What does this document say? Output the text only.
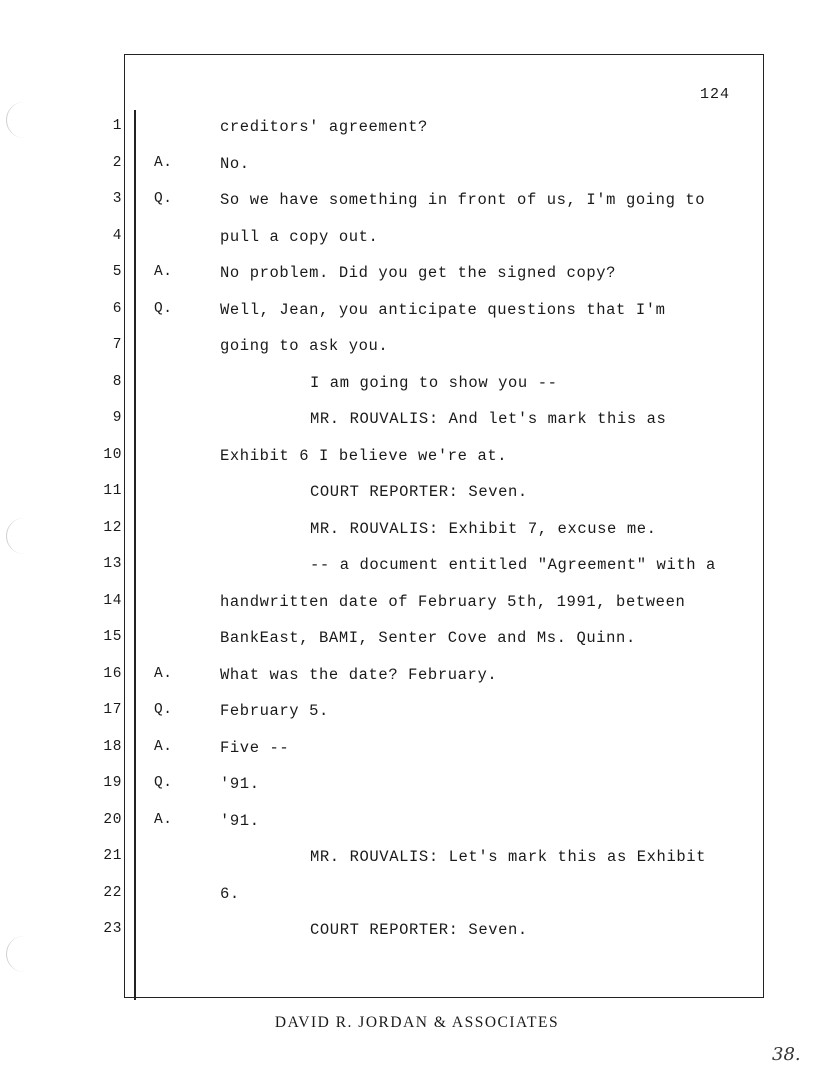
124
1	creditors' agreement?
2 A.	No.
3 Q.	So we have something in front of us, I'm going to
4	pull a copy out.
5 A.	No problem. Did you get the signed copy?
6 Q.	Well, Jean, you anticipate questions that I'm
7	going to ask you.
8	I am going to show you --
9	MR. ROUVALIS: And let's mark this as
10	Exhibit 6 I believe we're at.
11	COURT REPORTER: Seven.
12	MR. ROUVALIS: Exhibit 7, excuse me.
13	-- a document entitled "Agreement" with a
14	handwritten date of February 5th, 1991, between
15	BankEast, BAMI, Senter Cove and Ms. Quinn.
16 A.	What was the date? February.
17 Q.	February 5.
18 A.	Five --
19 Q.	'91.
20 A.	'91.
21	MR. ROUVALIS: Let's mark this as Exhibit
22	6.
23	COURT REPORTER: Seven.
DAVID R. JORDAN & ASSOCIATES
38.
